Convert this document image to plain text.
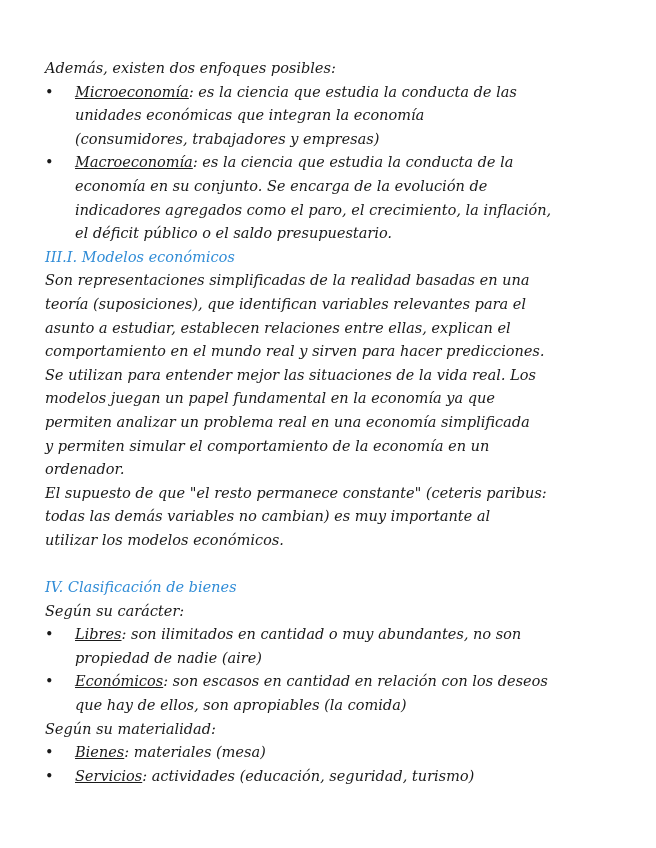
Además, existen dos enfoques posibles:
• Microeconomía: es la ciencia que estudia la conducta de las
unidades económicas que integran la economía
(consumidores, trabajadores y empresas)
• Macroeconomía: es la ciencia que estudia la conducta de la
economía en su conjunto. Se encarga de la evolución de
indicadores agregados como el paro, el crecimiento, la inflación,
el déficit público o el saldo presupuestario.
III.I. Modelos económicos
Son representaciones simplificadas de la realidad basadas en una
teoría (suposiciones), que identifican variables relevantes para el
asunto a estudiar, establecen relaciones entre ellas, explican el
comportamiento en el mundo real y sirven para hacer predicciones.
Se utilizan para entender mejor las situaciones de la vida real. Los
modelos juegan un papel fundamental en la economía ya que
permiten analizar un problema real en una economía simplificada
y permiten simular el comportamiento de la economía en un
ordenador.
El supuesto de que "el resto permanece constante" (ceteris paribus:
todas las demás variables no cambian) es muy importante al
utilizar los modelos económicos.
IV. Clasificación de bienes
Según su carácter:
• Libres: son ilimitados en cantidad o muy abundantes, no son
propiedad de nadie (aire)
• Económicos: son escasos en cantidad en relación con los deseos
que hay de ellos, son apropiables (la comida)
Según su materialidad:
• Bienes: materiales (mesa)
• Servicios: actividades (educación, seguridad, turismo)
